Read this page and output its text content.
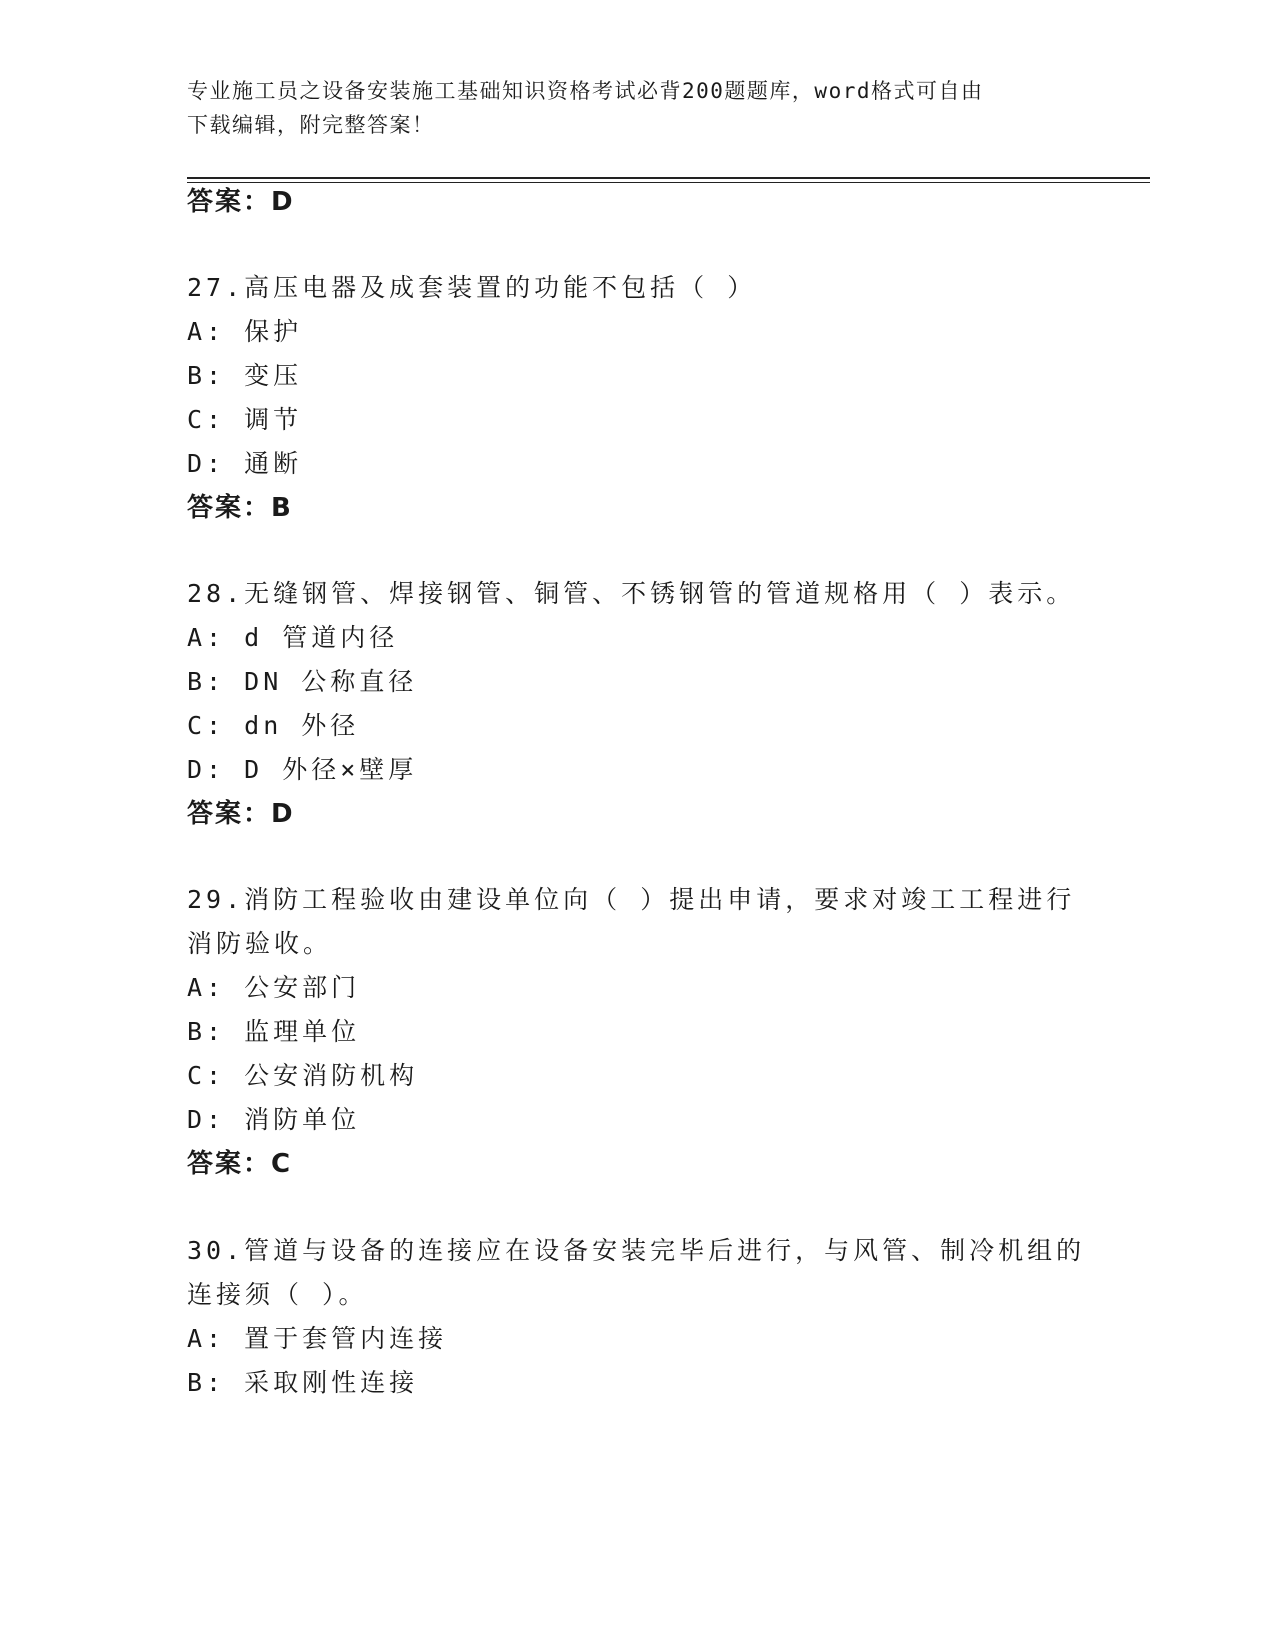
专业施工员之设备安装施工基础知识资格考试必背200题题库，word格式可自由
下载编辑，附完整答案！
答案：D
27.高压电器及成套装置的功能不包括（ ）
A: 保护
B: 变压
C: 调节
D: 通断
答案：B
28.无缝钢管、焊接钢管、铜管、不锈钢管的管道规格用（ ）表示。
A: d 管道内径
B: DN 公称直径
C: dn 外径
D: D 外径×壁厚
答案：D
29.消防工程验收由建设单位向（ ）提出申请，要求对竣工工程进行
消防验收。
A: 公安部门
B: 监理单位
C: 公安消防机构
D: 消防单位
答案：C
30.管道与设备的连接应在设备安装完毕后进行，与风管、制冷机组的
连接须（ ）。
A: 置于套管内连接
B: 采取刚性连接
